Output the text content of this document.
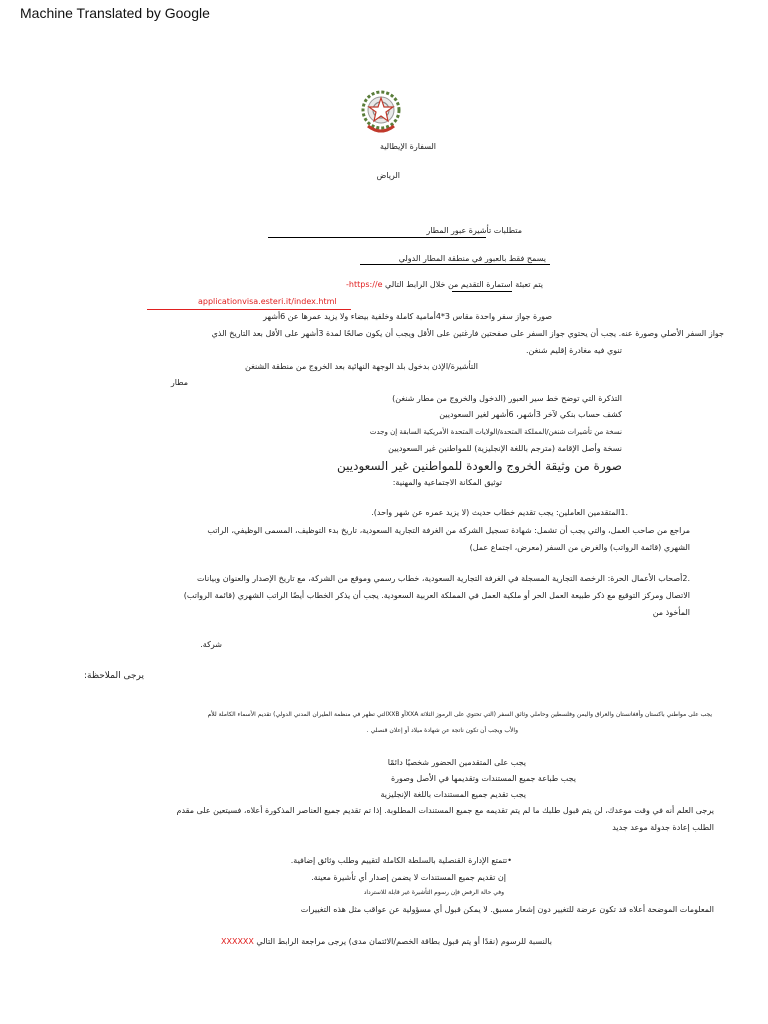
Machine Translated by Google
السفارة الإيطالية
الرياض
متطلبات تأشيرة عبور المطار
يسمح فقط بالعبور في منطقة المطار الدولي
يتم تعبئة استمارة التقديم من خلال الرابط التالي https://e-
applicationvisa.esteri.it/index.html
صورة جواز سفر واحدة مقاس 3*4أمامية كاملة وخلفية بيضاء ولا يزيد عمرها عن 6أشهر
جواز السفر الأصلي وصورة عنه. يجب أن يحتوي جواز السفر على صفحتين فارغتين على الأقل ويجب أن يكون صالحًا لمدة 3أشهر على الأقل بعد التاريخ الذي
تنوي فيه مغادرة إقليم شنغن.
التأشيرة/الإذن بدخول بلد الوجهة النهائية بعد الخروج من منطقة الشنغن
مطار
التذكرة التي توضح خط سير العبور (الدخول والخروج من مطار شنغن)
كشف حساب بنكي لآخر 3أشهر، 6أشهر لغير السعوديين
نسخة من تأشيرات شنغن/المملكة المتحدة/الولايات المتحدة الأمريكية السابقة إن وجدت
نسخة وأصل الإقامة (مترجم باللغة الإنجليزية) للمواطنين غير السعوديين
صورة من وثيقة الخروج والعودة للمواطنين غير السعوديين
توثيق المكانة الاجتماعية والمهنية:
.1المتقدمين العاملين: يجب تقديم خطاب حديث (لا يزيد عمره عن شهر واحد).
مراجع من صاحب العمل، والتي يجب أن تشمل: شهادة تسجيل الشركة من الغرفة التجارية السعودية، تاريخ بدء التوظيف، المسمى الوظيفي، الراتب
الشهري (قائمة الرواتب) والغرض من السفر (معرض، اجتماع عمل)
.2أصحاب الأعمال الحرة: الرخصة التجارية المسجلة في الغرفة التجارية السعودية، خطاب رسمي وموقع من الشركة، مع تاريخ الإصدار والعنوان وبيانات
الاتصال ومركز التوقيع مع ذكر طبيعة العمل الحر أو ملكية العمل في المملكة العربية السعودية. يجب أن يذكر الخطاب أيضًا الراتب الشهري (قائمة الرواتب)
المأخوذ من
شركة.
يرجى الملاحظة:
يجب على مواطني باكستان وأفغانستان والعراق واليمن وفلسطين وحاملي وثائق السفر (التي تحتوي على الرموز الثلاثة XXAأو XXBالتي تظهر في منظمة الطيران المدني الدولي) تقديم الأسماء الكاملة للأم
والأب ويجب أن تكون ناتجة عن شهادة ميلاد أو إعلان قنصلي .
يجب على المتقدمين الحضور شخصيًا دائمًا
يجب طباعة جميع المستندات وتقديمها في الأصل وصورة
يجب تقديم جميع المستندات باللغة الإنجليزية
يرجى العلم أنه في وقت موعدك، لن يتم قبول طلبك ما لم يتم تقديمه مع جميع المستندات المطلوبة. إذا تم تقديم جميع العناصر المذكورة أعلاه، فسيتعين على مقدم
الطلب إعادة جدولة موعد جديد
•تتمتع الإدارة القنصلية بالسلطة الكاملة لتقييم وطلب وثائق إضافية.
إن تقديم جميع المستندات لا يضمن إصدار أي تأشيرة معينة.
وفي حالة الرفض فإن رسوم التأشيرة غير قابلة للاسترداد
المعلومات الموضحة أعلاه قد تكون عرضة للتغيير دون إشعار مسبق. لا يمكن قبول أي مسؤولية عن عواقب مثل هذه التغييرات
بالنسبة للرسوم (نقدًا أو يتم قبول بطاقة الخصم/الائتمان مدى) يرجى مراجعة الرابط التالي XXXXXX
